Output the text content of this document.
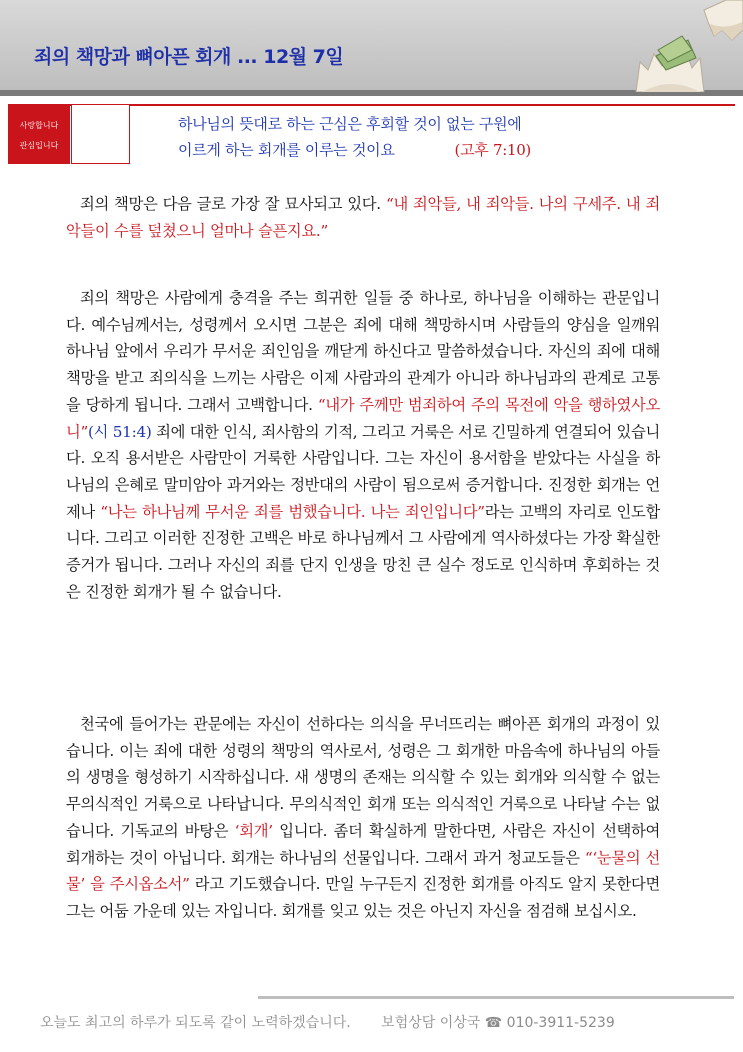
죄의 책망과 뼈아픈 회개 ... 12월 7일
사랑합니다
관심입니다
하나님의 뜻대로 하는 근심은 후회할 것이 없는 구원에
이르게 하는 회개를 이루는 것이요	(고후 7:10)

죄의 책망은 다음 글로 가장 잘 묘사되고 있다. “내 죄악들, 내 죄악들. 나의 구세주. 내 죄악들이 수를 덮쳤으니 얼마나 슬픈지요.”

죄의 책망은 사람에게 충격을 주는 희귀한 일들 중 하나로, 하나님을 이해하는 관문입니다. 예수님께서는, 성령께서 오시면 그분은 죄에 대해 책망하시며 사람들의 양심을 일깨워 하나님 앞에서 우리가 무서운 죄인임을 깨닫게 하신다고 말씀하셨습니다. 자신의 죄에 대해 책망을 받고 죄의식을 느끼는 사람은 이제 사람과의 관계가 아니라 하나님과의 관계로 고통을 당하게 됩니다. 그래서 고백합니다. “내가 주께만 범죄하여 주의 목전에 악을 행하였사오니”(시 51:4) 죄에 대한 인식, 죄사함의 기적, 그리고 거룩은 서로 긴밀하게 연결되어 있습니다. 오직 용서받은 사람만이 거룩한 사람입니다. 그는 자신이 용서함을 받았다는 사실을 하나님의 은혜로 말미암아 과거와는 정반대의 사람이 됨으로써 증거합니다. 진정한 회개는 언제나 “나는 하나님께 무서운 죄를 범했습니다. 나는 죄인입니다”라는 고백의 자리로 인도합니다. 그리고 이러한 진정한 고백은 바로 하나님께서 그 사람에게 역사하셨다는 가장 확실한 증거가 됩니다. 그러나 자신의 죄를 단지 인생을 망친 큰 실수 정도로 인식하며 후회하는 것은 진정한 회개가 될 수 없습니다.

천국에 들어가는 관문에는 자신이 선하다는 의식을 무너뜨리는 뼈아픈 회개의 과정이 있습니다. 이는 죄에 대한 성령의 책망의 역사로서, 성령은 그 회개한 마음속에 하나님의 아들의 생명을 형성하기 시작하십니다. 새 생명의 존재는 의식할 수 있는 회개와 의식할 수 없는 무의식적인 거룩으로 나타납니다. 무의식적인 회개 또는 의식적인 거룩으로 나타날 수는 없습니다. 기독교의 바탕은 ‘회개’ 입니다. 좀더 확실하게 말한다면, 사람은 자신이 선택하여 회개하는 것이 아닙니다. 회개는 하나님의 선물입니다. 그래서 과거 청교도들은 “‘눈물의 선물’ 을 주시옵소서” 라고 기도했습니다. 만일 누구든지 진정한 회개를 아직도 알지 못한다면 그는 어둠 가운데 있는 자입니다. 회개를 잊고 있는 것은 아닌지 자신을 점검해 보십시오.

오늘도 최고의 하루가 되도록 같이 노력하겠습니다. 보험상담 이상국 ☎ 010-3911-5239
